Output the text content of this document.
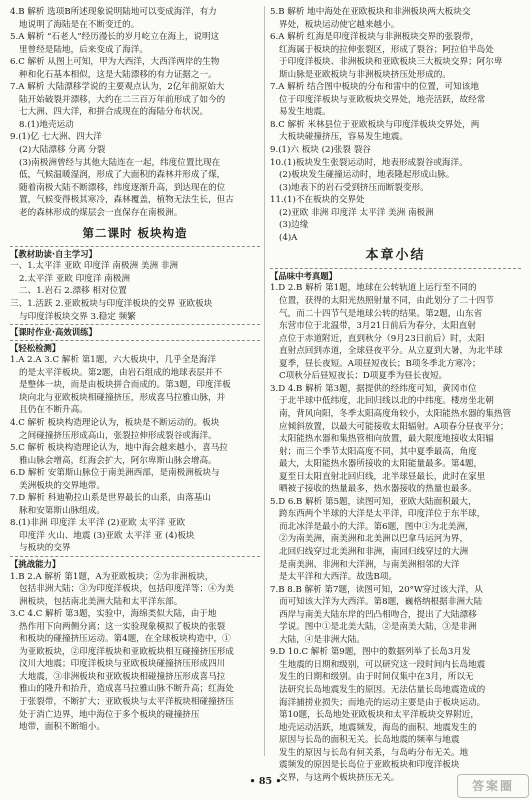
4.B 解析 选项B所述现象说明陆地可以变成海洋，有力
地说明了海陆是在不断变迁的。
5.A 解析 “石老人”经历漫长的岁月屹立在海上，说明这
里曾经是陆地，后来变成了海洋。
6.C 解析 从图上可知，甲为大西洋，大西洋两岸的生物
种和化石基本相似，这是大陆漂移的有力证据之一。
7.A 解析 大陆漂移学说的主要观点认为，2亿年前原始大
陆开始破裂并漂移，大约在二三百万年前形成了如今的
七大洲、四大洋，和拼合成现在的海陆分布状况。
8.(1)地壳运动
9.(1)亿 七大洲、四大洋
(2)大陆漂移 分离 分裂
(3)南极洲曾经与其他大陆连在一起，纬度位置比现在
低，气候温暖湿润，形成了大面积的森林并形成了煤，
随着南极大陆不断漂移，纬度逐渐升高，到达现在的位
置，气候变得极其寒冷，森林覆盖，植物无法生长，但古
老的森林形成的煤层会一直保存在南极洲。
第二课时 板块构造
【教材助读·自主学习】
一、1.太平洋 亚欧 印度洋 南极洲 美洲 非洲
2.太平洋 亚欧 印度洋 南极洲
二、1.岩石 2.漂移 相对位置
三、1.活跃 2.亚欧板块与印度洋板块的交界 亚欧板块
与印度洋板块交界 3.稳定 频繁
【课时作业·高效训练】
【轻松检测】
1.A 2.A 3.C 解析 第1题，六大板块中，几乎全是海洋
的是太平洋板块。第2题，由岩石组成的地球表层并不
是整体一块，而是由板块拼合而成的。第3题，印度洋板
块向北与亚欧板块相碰撞挤压，形成喜马拉雅山脉，并
且仍在不断升高。
4.C 解析 板块构造理论认为，板块是不断运动的。板块
之间碰撞挤压形成高山，张裂拉伸形成裂谷或海洋。
5.C 解析 板块构造理论认为，地中海会越来越小，喜马拉
雅山脉会增高，红海会扩大，阿尔卑斯山脉会增高。
6.D 解析 安第斯山脉位于南美洲西部，是南极洲板块与
美洲板块的交界地带。
7.D 解析 科迪勒拉山系是世界最长的山系，由落基山
脉和安第斯山脉组成。
8.(1)非洲 印度洋 太平洋 (2)亚欧 太平洋 亚欧
印度洋 火山、地震 (3)亚欧 太平洋 亚 (4)板块
与板块的交界
【挑战能力】
1.B 2.A 解析 第1题，A为亚欧板块；②为非洲板块，
包括非洲大陆；③为印度洋板块，包括印度洋等；④为美
洲板块，包括南北美洲大陆和太平洋东部。
3.C 4.C 解析 第3题，实验中，海绵类似大陆，由于地
热作用下向两侧分离；这一实验现象模拟了板块的张裂
和板块的碰撞挤压运动。第4题，在全球板块构造中，①
为亚欧板块，②印度洋板块和亚欧板块相互碰撞挤压形成
汶川大地震；印度洋板块与亚欧板块碰撞挤压形成四川
大地震，③非洲板块和亚欧板块相碰撞挤压形成喜马拉
雅山的隆升和抬升，造成喜马拉雅山脉不断升高；红海处
于张裂带，不断扩大；亚欧板块与太平洋板块相碰撞挤压
处于消亡边界，地中海位于多个板块的碰撞挤压
地带，面积不断缩小。
5.B 解析 地中海处在亚欧板块和非洲板块两大板块交
界处，板块运动使它越来越小。
6.A 解析 红海是印度洋板块与非洲板块交界的张裂带，
红海属于板块的拉伸张裂区，形成了裂谷；阿拉伯半岛处
于印度洋板块、非洲板块和亚欧板块三大板块交界；阿尔卑
斯山脉是亚欧板块与非洲板块挤压处形成的。
7.A 解析 结合图中板块的分布和雷中的位置，可知该地
位于印度洋板块与亚欧板块交界处，地壳活跃，故经常
易发生地震。
8.C 解析 米林县位于亚欧板块与印度洋板块交界处，两
大板块碰撞挤压，容易发生地震。
9.(1)六 板块 (2)张裂 裂谷
10.(1)板块发生张裂运动时，地表形成裂谷或海洋。
(2)板块发生碰撞运动时，地表隆起形成山脉。
(3)地表下的岩石受到挤压而断裂变形。
11.(1)不在板块的交界处
(2)亚欧 非洲 印度洋 太平洋 美洲 南极洲
(3)边缘
(4)A
本章小结
【品味中考真题】
1.D 2.B 解析 第1题，地球在公转轨道上运行至不同的
位置，获得的太阳光热照射量不同，由此划分了二十四节
气，而二十四节气是地球公转的结果。第2题，山东省
东营市位于北温带，3月21日前后为春分，太阳直射
点位于赤道附近，直到秋分（9月23日前后）时，太阳
直射点回到赤道，全球昼夜平分。从立夏到大暑，为北半球
夏季，昼长夜短。A项昼短夜长；B项冬季北方寒冷；
C项秋分后昼短夜长；D项夏季为昼长夜短。
3.D 4.B 解析 第3题，据提供的经纬度可知，黄冈市位
于北半球中低纬度，北回归线以北的中纬度。楼房坐北朝
南，背风向阳，冬季太阳高度角较小，太阳能热水器的集热管
应倾斜放置，以最大可能接收太阳辐射。A项春分昼夜平分；
太阳能热水器和集热管相向放置，最大限度地接收太阳辐
射；而三个季节太阳高度不同，其中夏季最高，角度
最大，太阳能热水器所接收的太阳能量最多。第4题，
夏至日太阳直射北回归线，北半球昼最长，此时在家里
晒被子接收的热量最多，热水器接收的热量也最多。
5.D 6.B 解析 第5题，读图可知，亚欧大陆面积最大，
跨东西两个半球的大洋是太平洋，印度洋位于东半球，
而北冰洋是最小的大洋。第6题，图中①为北美洲，
②为南美洲，南美洲和北美洲以巴拿马运河为界，
北回归线穿过北美洲和非洲，南回归线穿过的大洲
是南美洲、非洲和大洋洲，与南美洲相邻的大洋
是太平洋和大西洋。故选B项。
7.B 8.B 解析 第7题，读图可知，20°W穿过该大洋，从
而可知该大洋为大西洋。第8题，巍格纳根据非洲大陆
西岸与南美大陆东岸的凹凸相吻合，提出了大陆漂移
学说。图中①是北美大陆，②是南美大陆，③是非洲
大陆，④是非洲大陆。
9.D 10.C 解析 第9题，图中的数据列举了长岛3月发
生地震的日期和级别，可以研究这一段时间内长岛地震
发生的日期和级别。由于时间仅集中在3月，所以无
法研究长岛地震发生的原因。无法估量长岛地震造成的
海洋捕捞业损失；而地壳的运动主要是由于板块运动。
第10题，长岛地处亚欧板块和太平洋板块交界附近，
地壳运动活跃，地震频发，海岛的面积、地震发生的
原因与长岛的面积无关。长岛地震的频率与地震
发生的原因与长岛有何关系，与岛屿分布无关。地
震频发的原因是长岛位于亚欧板块和印度洋板块
交界，与这两个板块挤压无关。
• 85 •	答案圈
